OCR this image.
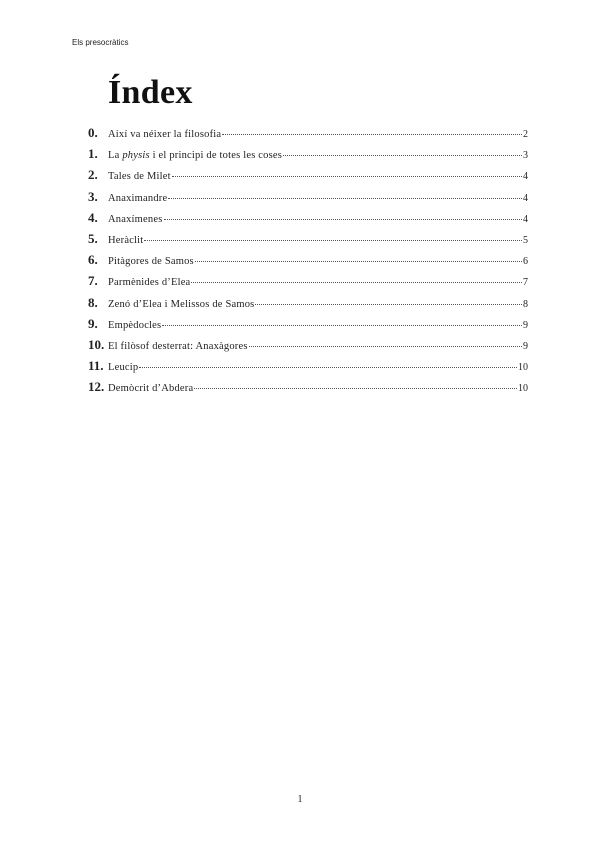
Els presocràtics
Índex
0. Així va néixer la filosofia	2
1. La physis i el principi de totes les coses	3
2. Tales de Milet	4
3. Anaximandre	4
4. Anaxímenes	4
5. Heràclit	5
6. Pitàgores de Samos	6
7. Parmènides d’Elea	7
8. Zenó d’Elea i Melissos de Samos	8
9. Empèdocles	9
10. El filòsof desterrat: Anaxàgores	9
11. Leucip	10
12. Demòcrit d’Abdera	10
1
